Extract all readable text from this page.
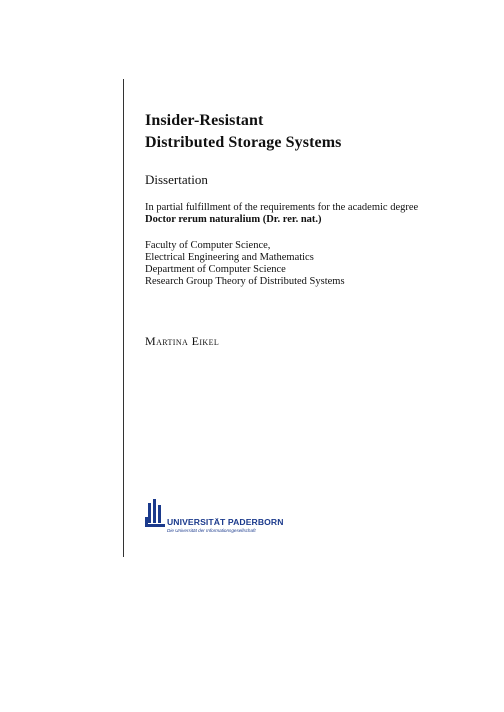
Insider-Resistant
Distributed Storage Systems
Dissertation
In partial fulfillment of the requirements for the academic degree
Doctor rerum naturalium (Dr. rer. nat.)
Faculty of Computer Science,
Electrical Engineering and Mathematics
Department of Computer Science
Research Group Theory of Distributed Systems
Martina Eikel
UNIVERSITÄT PADERBORN
Die Universität der Informationsgesellschaft
